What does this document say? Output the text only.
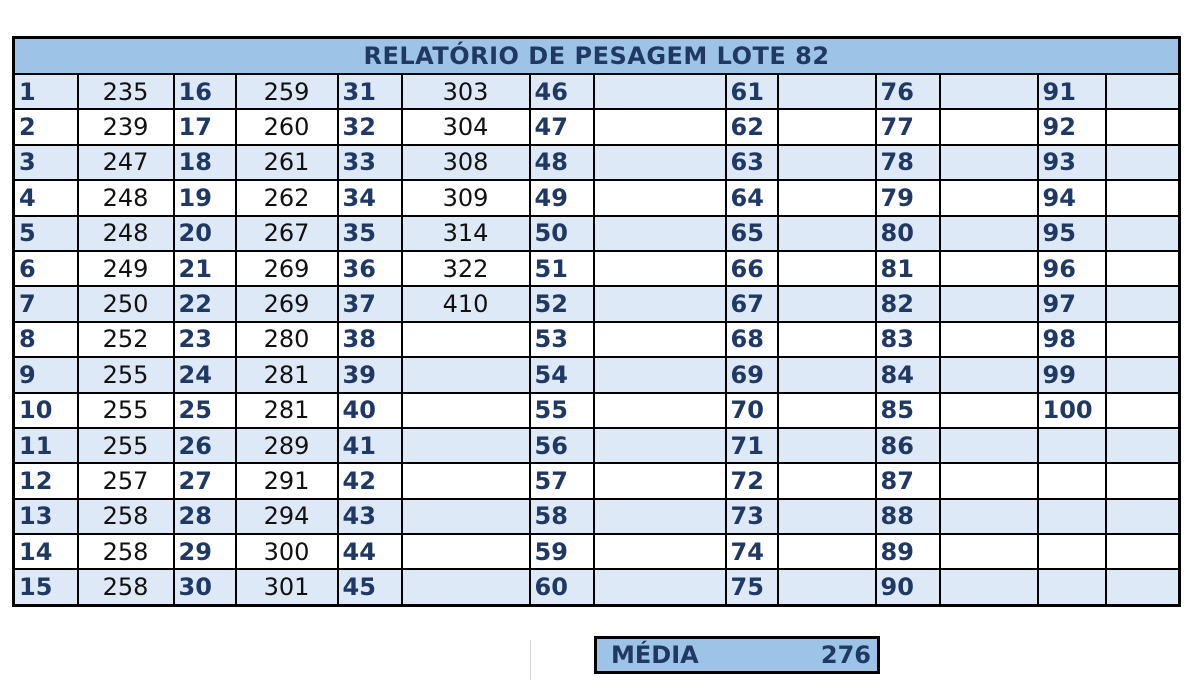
RELATÓRIO DE PESAGEM LOTE 82													
1	235	16	259	31	303	46		61		76		91	
2	239	17	260	32	304	47		62		77		92	
3	247	18	261	33	308	48		63		78		93	
4	248	19	262	34	309	49		64		79		94	
5	248	20	267	35	314	50		65		80		95	
6	249	21	269	36	322	51		66		81		96	
7	250	22	269	37	410	52		67		82		97	
8	252	23	280	38		53		68		83		98	
9	255	24	281	39		54		69		84		99	
10	255	25	281	40		55		70		85		100	
11	255	26	289	41		56		71		86			
12	257	27	291	42		57		72		87			
13	258	28	294	43		58		73		88			
14	258	29	300	44		59		74		89			
15	258	30	301	45		60		75		90			
MÉDIA	276
